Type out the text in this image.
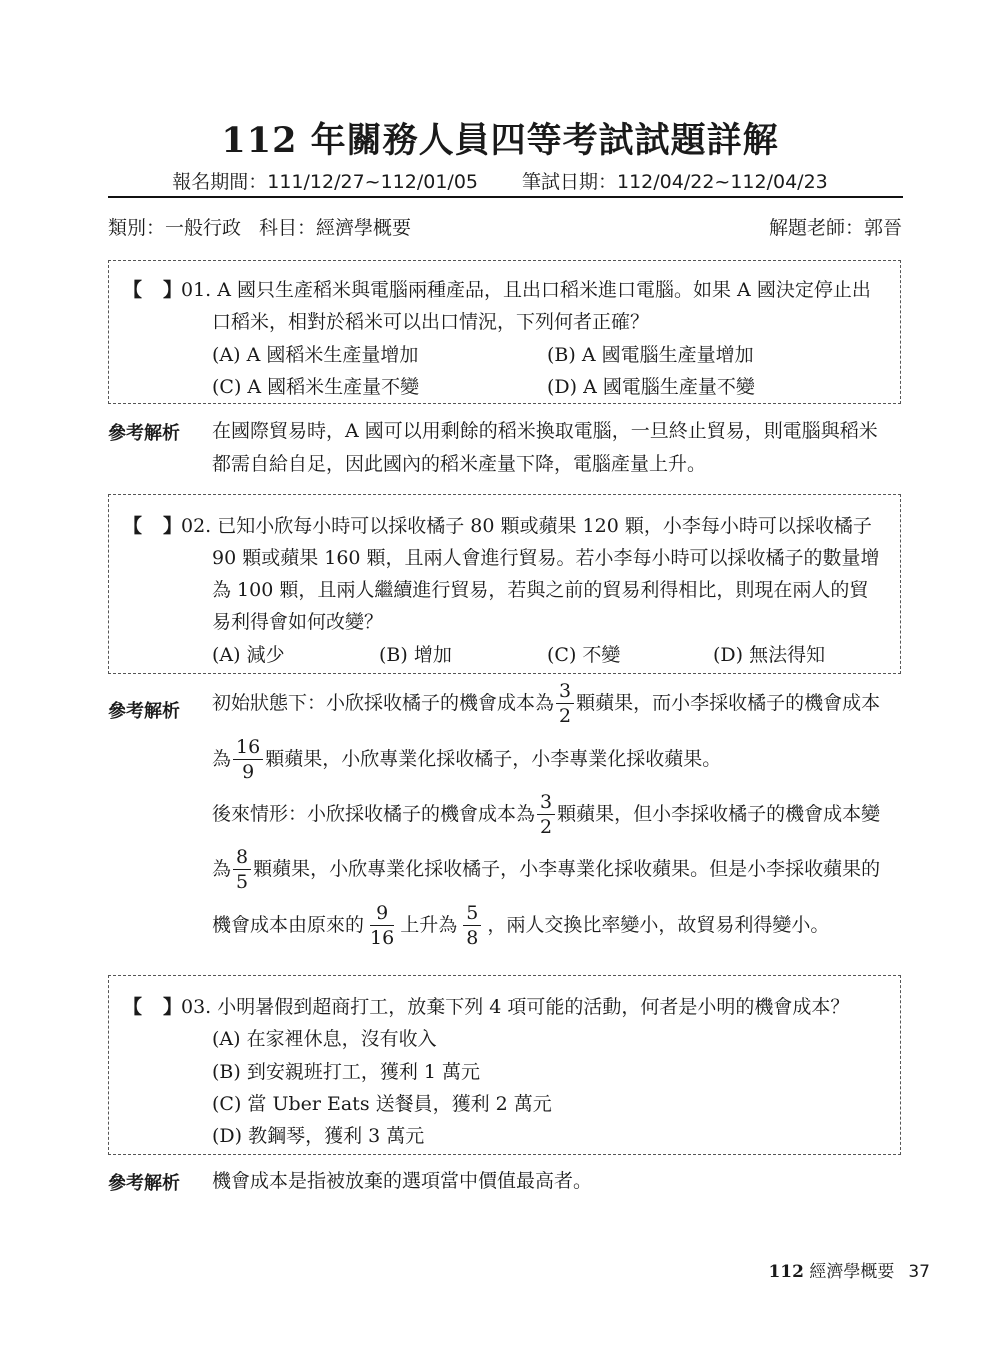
112 年關務人員四等考試試題詳解
報名期間：111/12/27~112/01/05 筆試日期：112/04/22~112/04/23
類別：一般行政 科目：經濟學概要	解題老師：郭晉
【 】
01. A 國只生產稻米與電腦兩種產品，且出口稻米進口電腦。如果 A 國決定停止出
口稻米，相對於稻米可以出口情況，下列何者正確？
(A) A 國稻米生產量增加	(B) A 國電腦生產量增加
(C) A 國稻米生產量不變	(D) A 國電腦生產量不變
參考解析 在國際貿易時，A 國可以用剩餘的稻米換取電腦，一旦終止貿易，則電腦與稻米
都需自給自足，因此國內的稻米產量下降，電腦產量上升。
【 】
02. 已知小欣每小時可以採收橘子 80 顆或蘋果 120 顆，小李每小時可以採收橘子
90 顆或蘋果 160 顆，且兩人會進行貿易。若小李每小時可以採收橘子的數量增
為 100 顆，且兩人繼續進行貿易，若與之前的貿易利得相比，則現在兩人的貿
易利得會如何改變？
(A) 減少	(B) 增加	(C) 不變	(D) 無法得知
參考解析 初始狀態下：小欣採收橘子的機會成本為 $\frac{3}{2}$ 顆蘋果，而小李採收橘子的機會成本
為 $\frac{16}{9}$ 顆蘋果，小欣專業化採收橘子，小李專業化採收蘋果。
後來情形：小欣採收橘子的機會成本為 $\frac{3}{2}$ 顆蘋果，但小李採收橘子的機會成本變
為 $\frac{8}{5}$ 顆蘋果，小欣專業化採收橘子，小李專業化採收蘋果。但是小李採收蘋果的
機會成本由原來的 $\frac{9}{16}$ 上升為 $\frac{5}{8}$ ，兩人交換比率變小，故貿易利得變小。
【 】
03. 小明暑假到超商打工，放棄下列 4 項可能的活動，何者是小明的機會成本？
(A) 在家裡休息，沒有收入
(B) 到安親班打工，獲利 1 萬元
(C) 當 Uber Eats 送餐員，獲利 2 萬元
(D) 教鋼琴，獲利 3 萬元
參考解析 機會成本是指被放棄的選項當中價值最高者。
112 經濟學概要 37
